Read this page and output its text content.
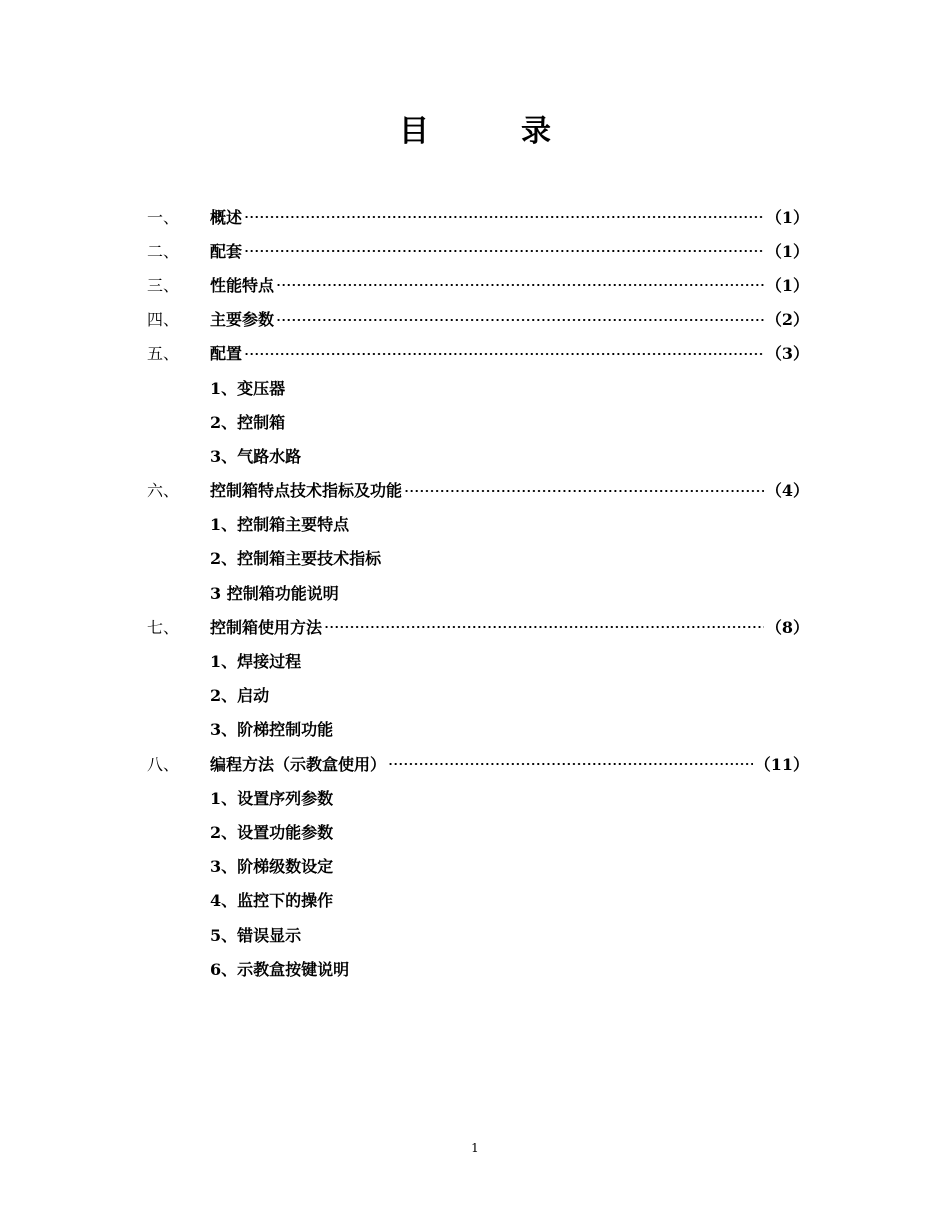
目	录
一、	概述	（1）
二、	配套	（1）
三、	性能特点	（1）
四、	主要参数	（2）
五、	配置	（3）
1、变压器
2、控制箱
3、气路水路
六、	控制箱特点技术指标及功能	（4）
1、控制箱主要特点
2、控制箱主要技术指标
3 控制箱功能说明
七、	控制箱使用方法	（8）
1、焊接过程
2、启动
3、阶梯控制功能
八、	编程方法（示教盒使用）	（11）
1、设置序列参数
2、设置功能参数
3、阶梯级数设定
4、监控下的操作
5、错误显示
6、示教盒按键说明
1
